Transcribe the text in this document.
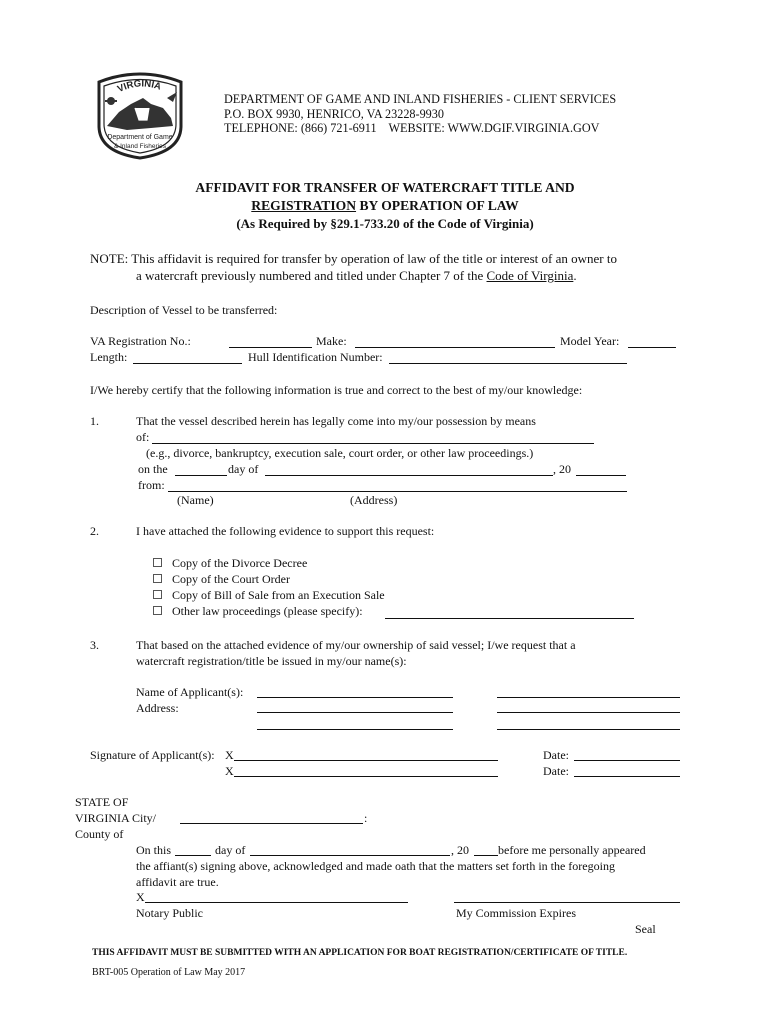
VIRGINIA
Department of Game
& Inland Fisheries
DEPARTMENT OF GAME AND INLAND FISHERIES - CLIENT SERVICES
P.O. BOX 9930, HENRICO, VA 23228-9930
TELEPHONE: (866) 721-6911    WEBSITE: WWW.DGIF.VIRGINIA.GOV
AFFIDAVIT FOR TRANSFER OF WATERCRAFT TITLE AND
REGISTRATION BY OPERATION OF LAW
(As Required by §29.1-733.20 of the Code of Virginia)
NOTE: This affidavit is required for transfer by operation of law of the title or interest of an owner to
a watercraft previously numbered and titled under Chapter 7 of the Code of Virginia.
Description of Vessel to be transferred:
VA Registration No.:	Make:	Model Year:
Length:	Hull Identification Number:
I/We hereby certify that the following information is true and correct to the best of my/our knowledge:
1.	That the vessel described herein has legally come into my/our possession by means
of:
(e.g., divorce, bankruptcy, execution sale, court order, or other law proceedings.)
on the	day of	, 20
from:
(Name)	(Address)
2.	I have attached the following evidence to support this request:
Copy of the Divorce Decree
Copy of the Court Order
Copy of Bill of Sale from an Execution Sale
Other law proceedings (please specify):
3.	That based on the attached evidence of my/our ownership of said vessel; I/we request that a
watercraft registration/title be issued in my/our name(s):
Name of Applicant(s):
Address:
Signature of Applicant(s): X	Date:
X	Date:
STATE OF
VIRGINIA City/	:
County of
On this	day of	, 20 before me personally appeared
the affiant(s) signing above, acknowledged and made oath that the matters set forth in the foregoing
affidavit are true.
X
Notary Public	My Commission Expires
Seal
THIS AFFIDAVIT MUST BE SUBMITTED WITH AN APPLICATION FOR BOAT REGISTRATION/CERTIFICATE OF TITLE.
BRT-005 Operation of Law May 2017
